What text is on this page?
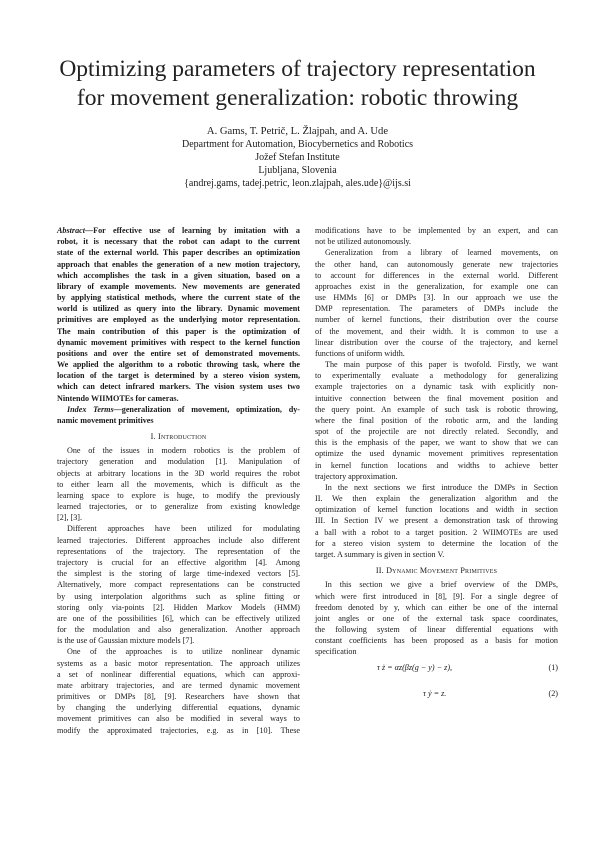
Optimizing parameters of trajectory representation
for movement generalization: robotic throwing
A. Gams, T. Petrič, L. Žlajpah, and A. Ude
Department for Automation, Biocybernetics and Robotics
Jožef Stefan Institute
Ljubljana, Slovenia
{andrej.gams, tadej.petric, leon.zlajpah, ales.ude}@ijs.si
Abstract—For effective use of learning by imitation with a
robot, it is necessary that the robot can adapt to the current
state of the external world. This paper describes an optimization
approach that enables the generation of a new motion trajectory,
which accomplishes the task in a given situation, based on a
library of example movements. New movements are generated
by applying statistical methods, where the current state of the
world is utilized as query into the library. Dynamic movement
primitives are employed as the underlying motor representation.
The main contribution of this paper is the optimization of
dynamic movement primitives with respect to the kernel function
positions and over the entire set of demonstrated movements.
We applied the algorithm to a robotic throwing task, where the
location of the target is determined by a stereo vision system,
which can detect infrared markers. The vision system uses two
Nintendo WIIMOTEs for cameras.
Index Terms—generalization of movement, optimization, dy-
namic movement primitives
I. Introduction
One of the issues in modern robotics is the problem of
trajectory generation and modulation [1]. Manipulation of
objects at arbitrary locations in the 3D world requires the robot
to either learn all the movements, which is difficult as the
learning space to explore is huge, to modify the previously
learned trajectories, or to generalize from existing knowledge
[2], [3].
Different approaches have been utilized for modulating
learned trajectories. Different approaches include also different
representations of the trajectory. The representation of the
trajectory is crucial for an effective algorithm [4]. Among
the simplest is the storing of large time-indexed vectors [5].
Alternatively, more compact representations can be constructed
by using interpolation algorithms such as spline fitting or
storing only via-points [2]. Hidden Markov Models (HMM)
are one of the possibilities [6], which can be effectively utilized
for the modulation and also generalization. Another approach
is the use of Gaussian mixture models [7].
One of the approaches is to utilize nonlinear dynamic
systems as a basic motor representation. The approach utilizes
a set of nonlinear differential equations, which can approxi-
mate arbitrary trajectories, and are termed dynamic movement
primitives or DMPs [8], [9]. Researchers have shown that
by changing the underlying differential equations, dynamic
movement primitives can also be modified in several ways to
modify the approximated trajectories, e.g. as in [10]. These
modifications have to be implemented by an expert, and can
not be utilized autonomously.
Generalization from a library of learned movements, on
the other hand, can autonomously generate new trajectories
to account for differences in the external world. Different
approaches exist in the generalization, for example one can
use HMMs [6] or DMPs [3]. In our approach we use the
DMP representation. The parameters of DMPs include the
number of kernel functions, their distribution over the course
of the movement, and their width. It is common to use a
linear distribution over the course of the trajectory, and kernel
functions of uniform width.
The main purpose of this paper is twofold. Firstly, we want
to experimentally evaluate a methodology for generalizing
example trajectories on a dynamic task with explicitly non-
intuitive connection between the final movement position and
the query point. An example of such task is robotic throwing,
where the final position of the robotic arm, and the landing
spot of the projectile are not directly related. Secondly, and
this is the emphasis of the paper, we want to show that we can
optimize the used dynamic movement primitives representation
in kernel function locations and widths to achieve better
trajectory approximation.
In the next sections we first introduce the DMPs in Section
II. We then explain the generalization algorithm and the
optimization of kernel function locations and width in section
III. In Section IV we present a demonstration task of throwing
a ball with a robot to a target position. 2 WIIMOTEs are used
for a stereo vision system to determine the location of the
target. A summary is given in section V.
II. Dynamic Movement Primitives
In this section we give a brief overview of the DMPs,
which were first introduced in [8], [9]. For a single degree of
freedom denoted by y, which can either be one of the internal
joint angles or one of the external task space coordinates,
the following system of linear differential equations with
constant coefficients has been proposed as a basis for motion
specification
τ ż = αz(βz(g − y) − z),	(1)
τ ẏ = z.	(2)
